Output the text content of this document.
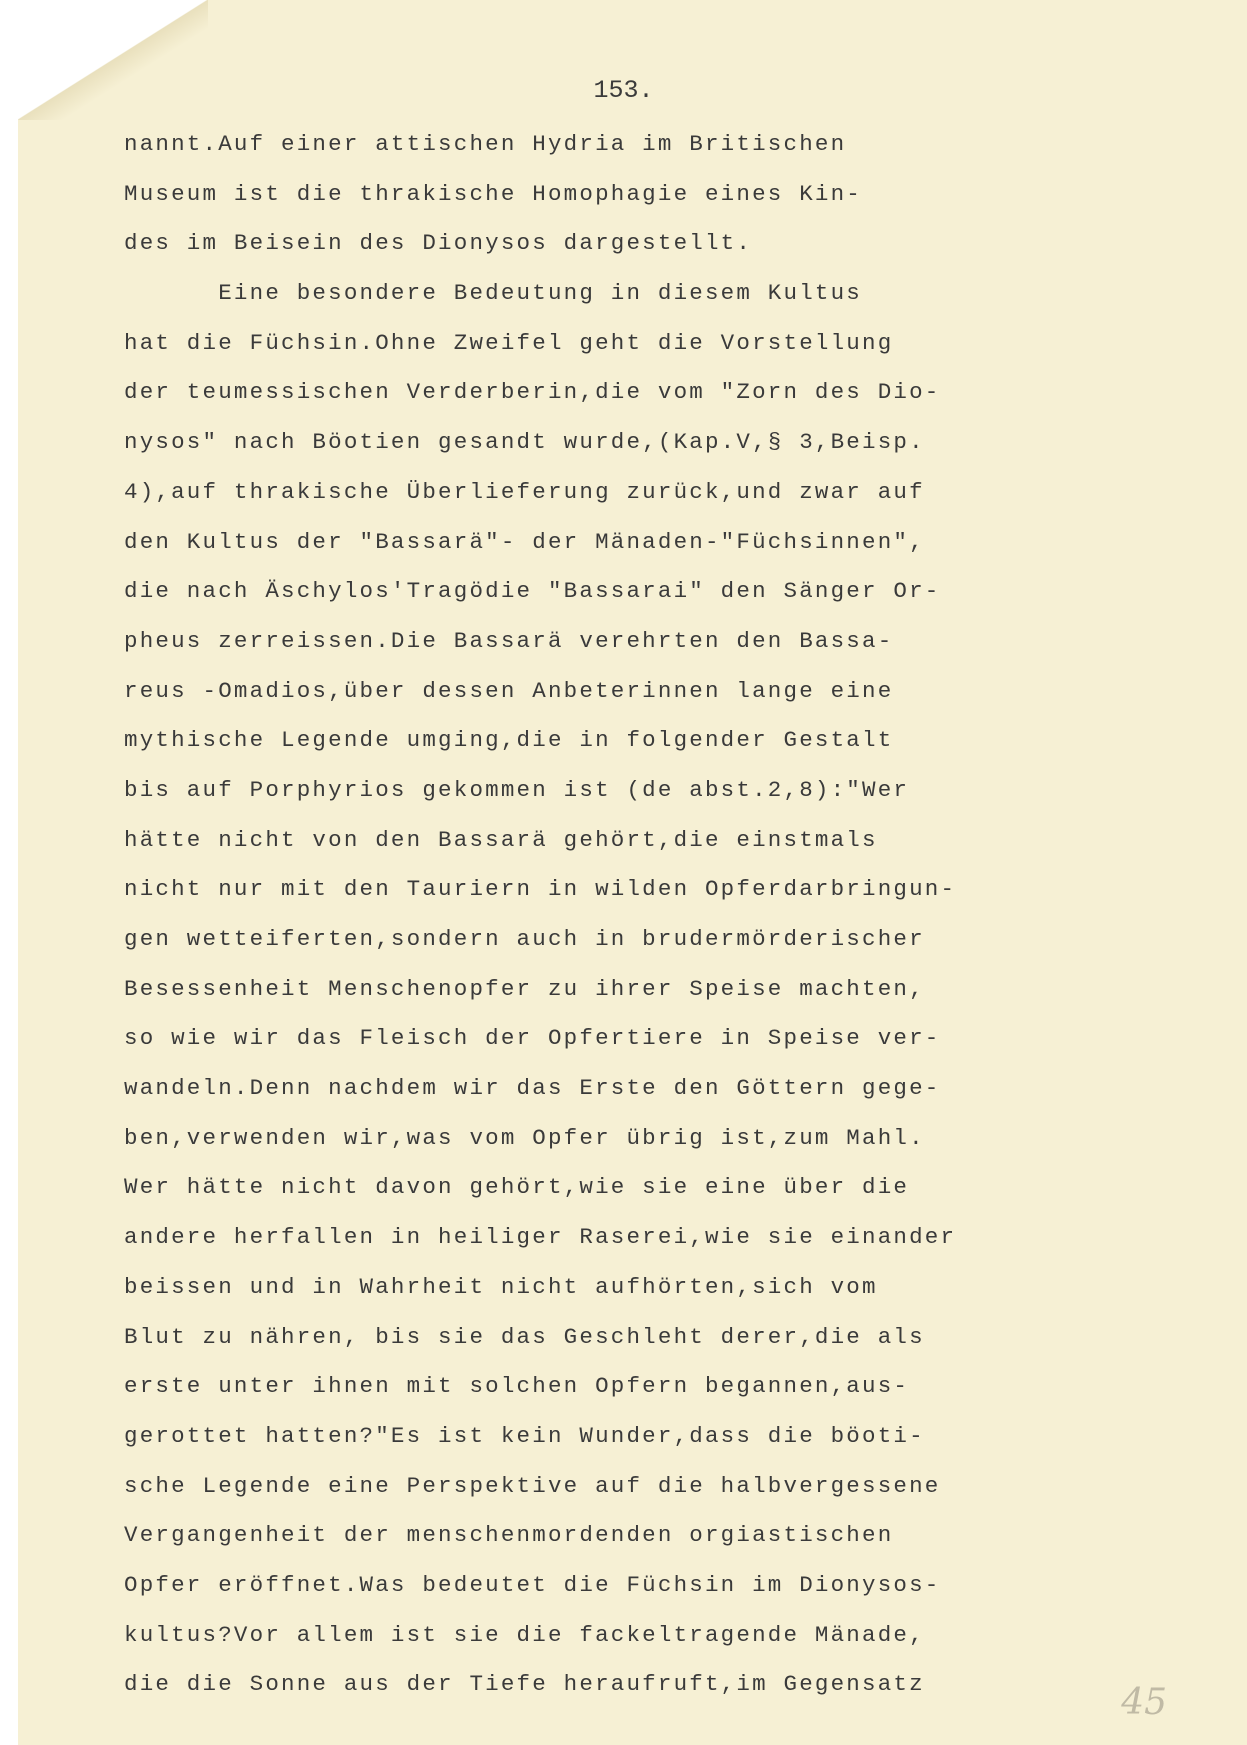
153.
nannt.Auf einer attischen Hydria im Britischen
Museum ist die thrakische Homophagie eines Kin-
des im Beisein des Dionysos dargestellt.
Eine besondere Bedeutung in diesem Kultus
hat die Füchsin.Ohne Zweifel geht die Vorstellung
der teumessischen Verderberin,die vom "Zorn des Dio-
nysos" nach Böotien gesandt wurde,(Kap.V,§ 3,Beisp.
4),auf thrakische Überlieferung zurück,und zwar auf
den Kultus der "Bassarä"- der Mänaden-"Füchsinnen",
die nach Äschylos'Tragödie "Bassarai" den Sänger Or-
pheus zerreissen.Die Bassarä verehrten den Bassa-
reus -Omadios,über dessen Anbeterinnen lange eine
mythische Legende umging,die in folgender Gestalt
bis auf Porphyrios gekommen ist (de abst.2,8):"Wer
hätte nicht von den Bassarä gehört,die einstmals
nicht nur mit den Tauriern in wilden Opferdarbringun-
gen wetteiferten,sondern auch in brudermörderischer
Besessenheit Menschenopfer zu ihrer Speise machten,
so wie wir das Fleisch der Opfertiere in Speise ver-
wandeln.Denn nachdem wir das Erste den Göttern gege-
ben,verwenden wir,was vom Opfer übrig ist,zum Mahl.
Wer hätte nicht davon gehört,wie sie eine über die
andere herfallen in heiliger Raserei,wie sie einander
beissen und in Wahrheit nicht aufhörten,sich vom
Blut zu nähren, bis sie das Geschleht derer,die als
erste unter ihnen mit solchen Opfern begannen,aus-
gerottet hatten?"Es ist kein Wunder,dass die böoti-
sche Legende eine Perspektive auf die halbvergessene
Vergangenheit der menschenmordenden orgiastischen
Opfer eröffnet.Was bedeutet die Füchsin im Dionysos-
kultus?Vor allem ist sie die fackeltragende Mänade,
die die Sonne aus der Tiefe heraufruft,im Gegensatz	45
